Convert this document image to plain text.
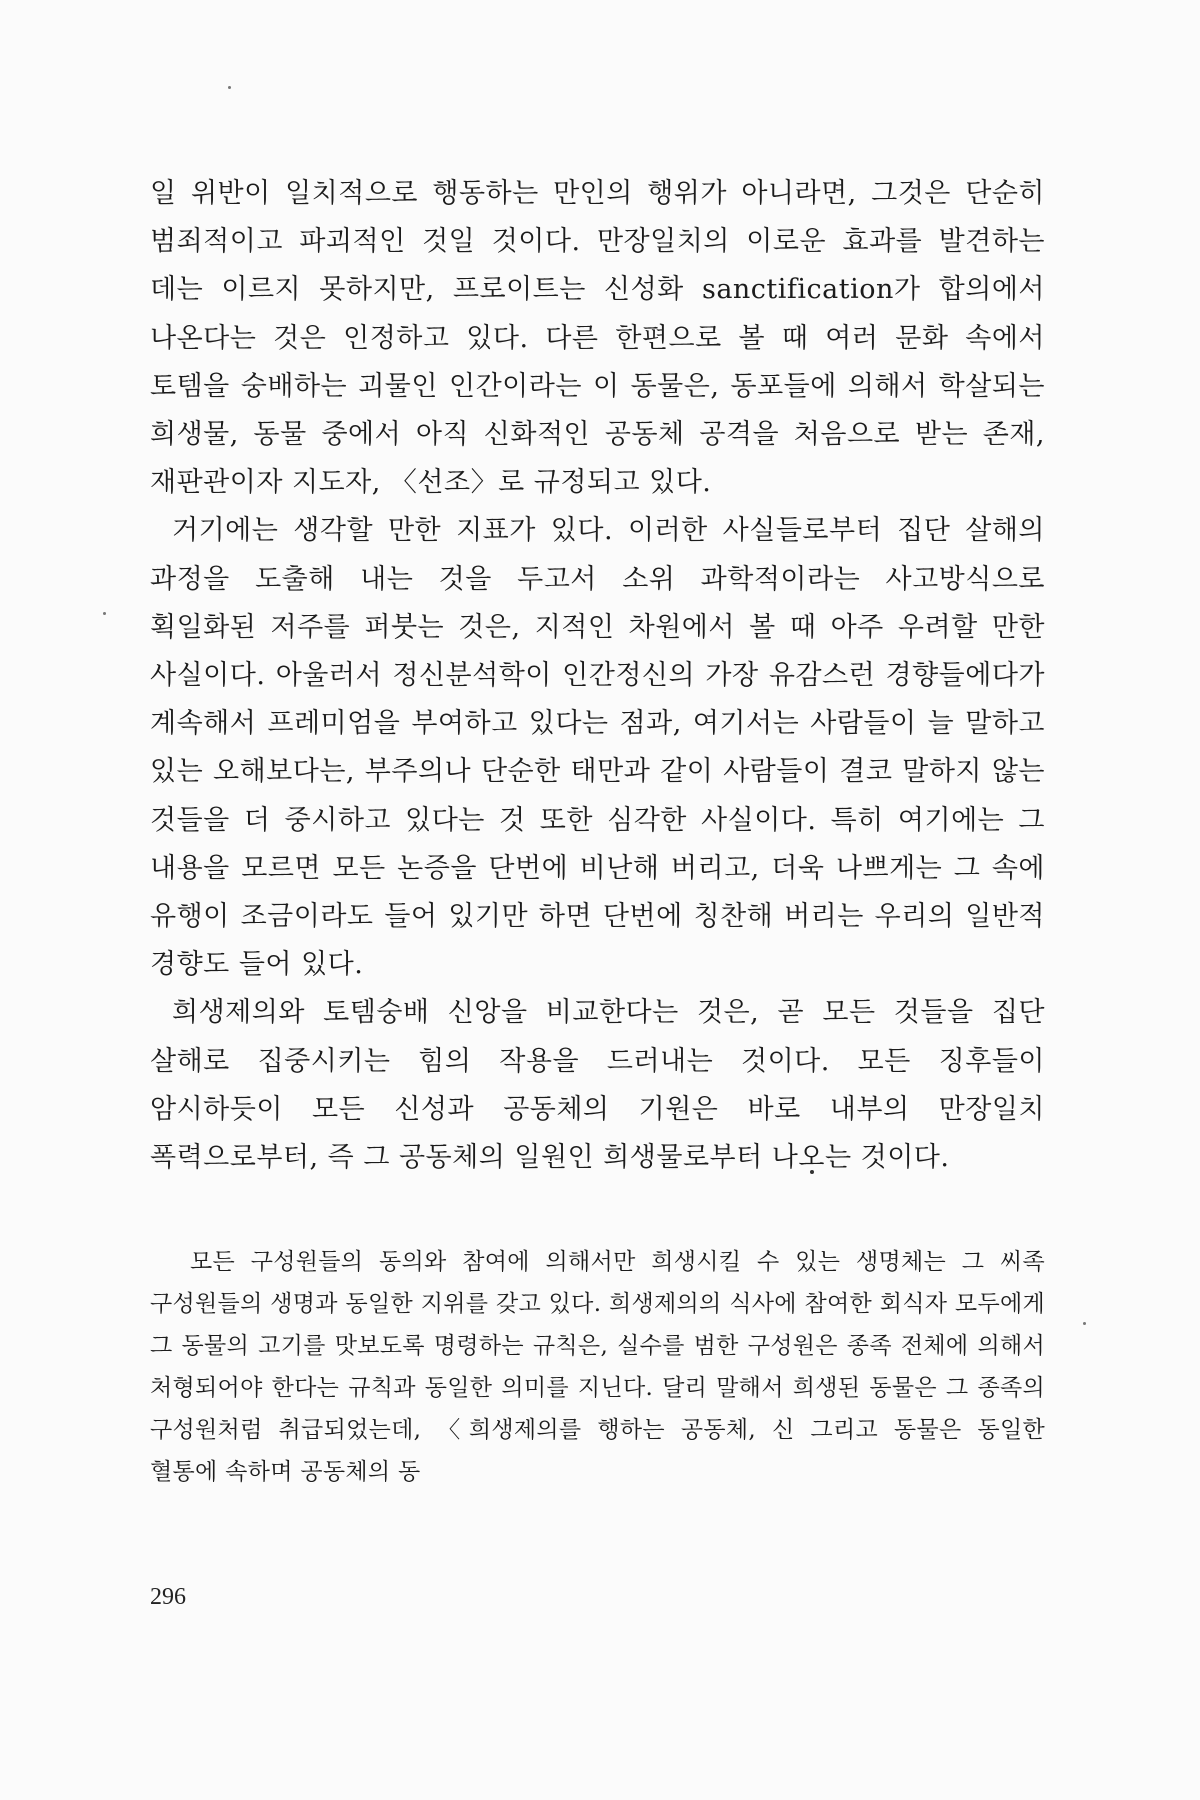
일 위반이 일치적으로 행동하는 만인의 행위가 아니라면, 그것은 단순히 범죄적이고 파괴적인 것일 것이다. 만장일치의 이로운 효과를 발견하는 데는 이르지 못하지만, 프로이트는 신성화 sanctification가 합의에서 나온다는 것은 인정하고 있다. 다른 한편으로 볼 때 여러 문화 속에서 토템을 숭배하는 괴물인 인간이라는 이 동물은, 동포들에 의해서 학살되는 희생물, 동물 중에서 아직 신화적인 공동체 공격을 처음으로 받는 존재, 재판관이자 지도자, 〈선조〉로 규정되고 있다.

거기에는 생각할 만한 지표가 있다. 이러한 사실들로부터 집단 살해의 과정을 도출해 내는 것을 두고서 소위 과학적이라는 사고방식으로 획일화된 저주를 퍼붓는 것은, 지적인 차원에서 볼 때 아주 우려할 만한 사실이다. 아울러서 정신분석학이 인간정신의 가장 유감스런 경향들에다가 계속해서 프레미엄을 부여하고 있다는 점과, 여기서는 사람들이 늘 말하고 있는 오해보다는, 부주의나 단순한 태만과 같이 사람들이 결코 말하지 않는 것들을 더 중시하고 있다는 것 또한 심각한 사실이다. 특히 여기에는 그 내용을 모르면 모든 논증을 단번에 비난해 버리고, 더욱 나쁘게는 그 속에 유행이 조금이라도 들어 있기만 하면 단번에 칭찬해 버리는 우리의 일반적 경향도 들어 있다.

희생제의와 토템숭배 신앙을 비교한다는 것은, 곧 모든 것들을 집단 살해로 집중시키는 힘의 작용을 드러내는 것이다. 모든 징후들이 암시하듯이 모든 신성과 공동체의 기원은 바로 내부의 만장일치 폭력으로부터, 즉 그 공동체의 일원인 희생물로부터 나오는 것이다.

모든 구성원들의 동의와 참여에 의해서만 희생시킬 수 있는 생명체는 그 씨족 구성원들의 생명과 동일한 지위를 갖고 있다. 희생제의의 식사에 참여한 회식자 모두에게 그 동물의 고기를 맛보도록 명령하는 규칙은, 실수를 범한 구성원은 종족 전체에 의해서 처형되어야 한다는 규칙과 동일한 의미를 지닌다. 달리 말해서 희생된 동물은 그 종족의 구성원처럼 취급되었는데, 〈희생제의를 행하는 공동체, 신 그리고 동물은 동일한 혈통에 속하며 공동체의 동

296
